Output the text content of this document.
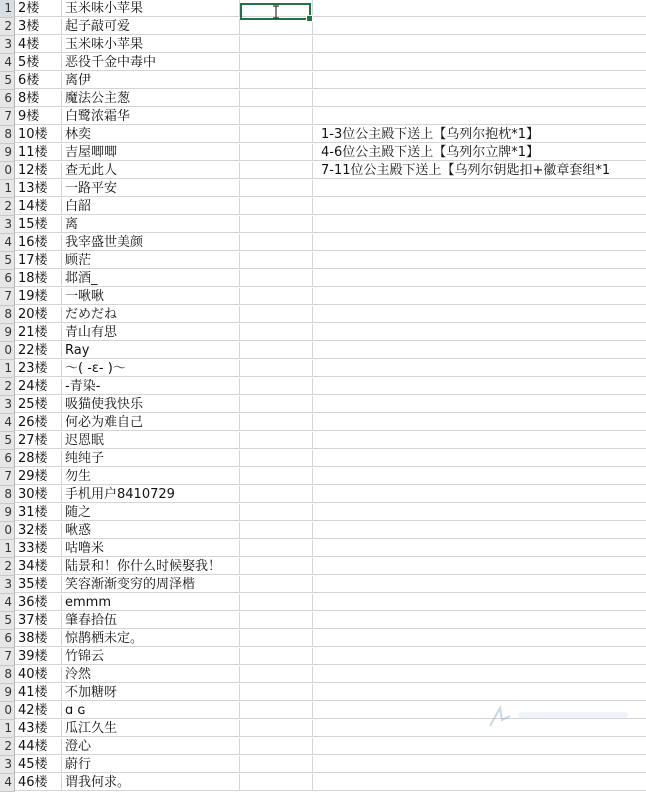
1 2楼	玉米味小苹果
2 3楼	起子敲可爱
3 4楼	玉米味小苹果
4 5楼	恶役千金中毒中
5 6楼	离伊
6 8楼	魔法公主葱
7 9楼	白鹭浓霜华
8 10楼	林奕	1-3位公主殿下送上【乌列尔抱枕*1】
9 11楼	吉屋唧唧	4-6位公主殿下送上【乌列尔立牌*1】
0 12楼	查无此人	7-11位公主殿下送上【乌列尔钥匙扣+徽章套组*1
1 13楼	一路平安
2 14楼	白韶
3 15楼	离
4 16楼	我宰盛世美颜
5 17楼	顾茫
6 18楼	邶酒_
7 19楼	一啾啾
8 20楼	だめだね
9 21楼	青山有思
0 22楼	Ray
1 23楼	〜( -ε- )〜
2 24楼	-青染-
3 25楼	吸猫使我快乐
4 26楼	何必为难自己
5 27楼	迟恩眠
6 28楼	纯纯子
7 29楼	勿生
8 30楼	手机用户8410729
9 31楼	随之
0 32楼	啾惑
1 33楼	咕噜米
2 34楼	陆景和！你什么时候娶我！
3 35楼	笑容渐渐变穷的周泽楷
4 36楼	emmm
5 37楼	肇春拾伍
6 38楼	惊鹊栖未定。
7 39楼	竹锦云
8 40楼	泠然
9 41楼	不加糖呀
0 42楼	ɑ ɢ
1 43楼	瓜江久生
2 44楼	澄心
3 45楼	蔚行
4 46楼	谓我何求。
